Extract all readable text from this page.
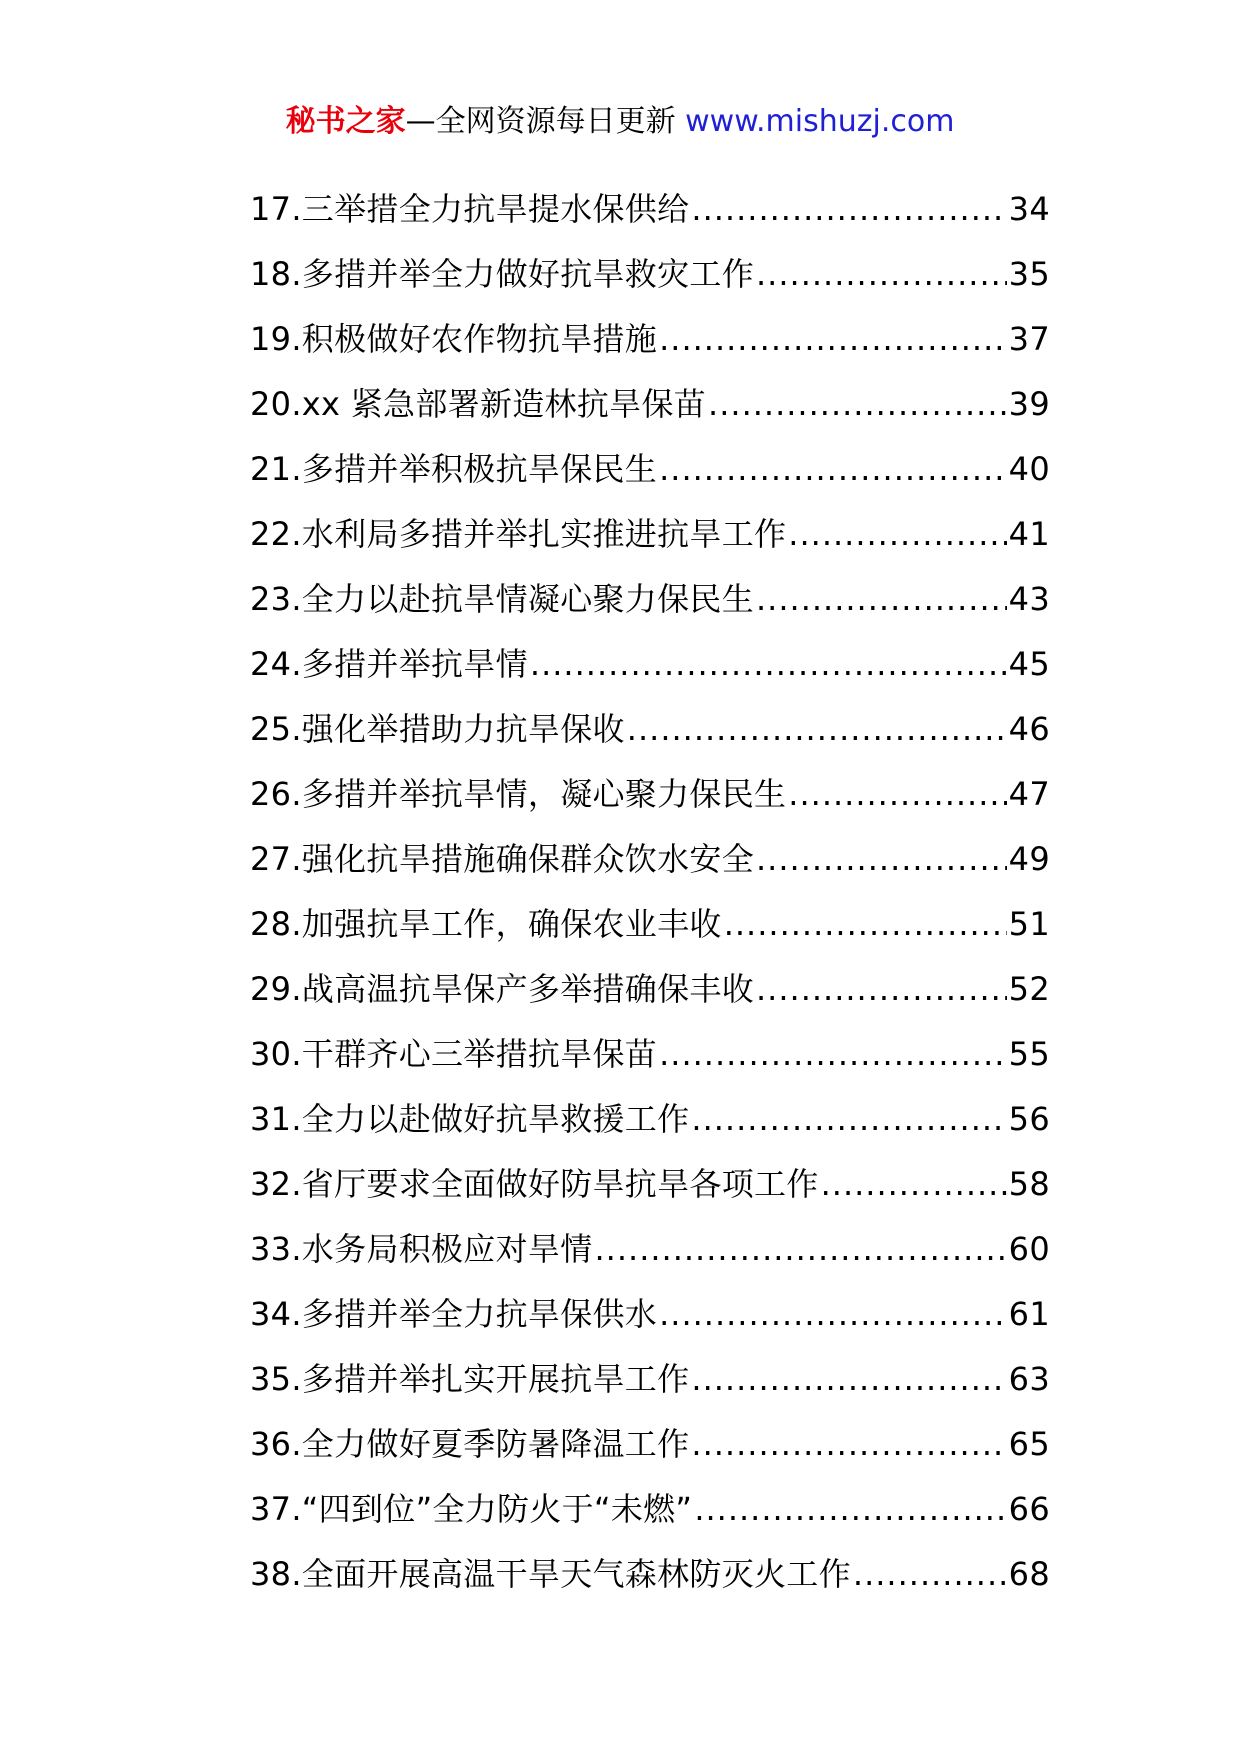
秘书之家—全网资源每日更新 www.mishuzj.com
17.三举措全力抗旱提水保供给 .....	34
18.多措并举全力做好抗旱救灾工作 .....	35
19.积极做好农作物抗旱措施 .....	37
20.xx 紧急部署新造林抗旱保苗 .....	39
21.多措并举积极抗旱保民生 .....	40
22.水利局多措并举扎实推进抗旱工作 .....	41
23.全力以赴抗旱情凝心聚力保民生 .....	43
24.多措并举抗旱情 .....	45
25.强化举措助力抗旱保收 .....	46
26.多措并举抗旱情，凝心聚力保民生 .....	47
27.强化抗旱措施确保群众饮水安全 .....	49
28.加强抗旱工作，确保农业丰收 .....	51
29.战高温抗旱保产多举措确保丰收 .....	52
30.干群齐心三举措抗旱保苗 .....	55
31.全力以赴做好抗旱救援工作 .....	56
32.省厅要求全面做好防旱抗旱各项工作 .....	58
33.水务局积极应对旱情 .....	60
34.多措并举全力抗旱保供水 .....	61
35.多措并举扎实开展抗旱工作 .....	63
36.全力做好夏季防暑降温工作 .....	65
37.“四到位”全力防火于“未燃” .....	66
38.全面开展高温干旱天气森林防灭火工作 .....	68
